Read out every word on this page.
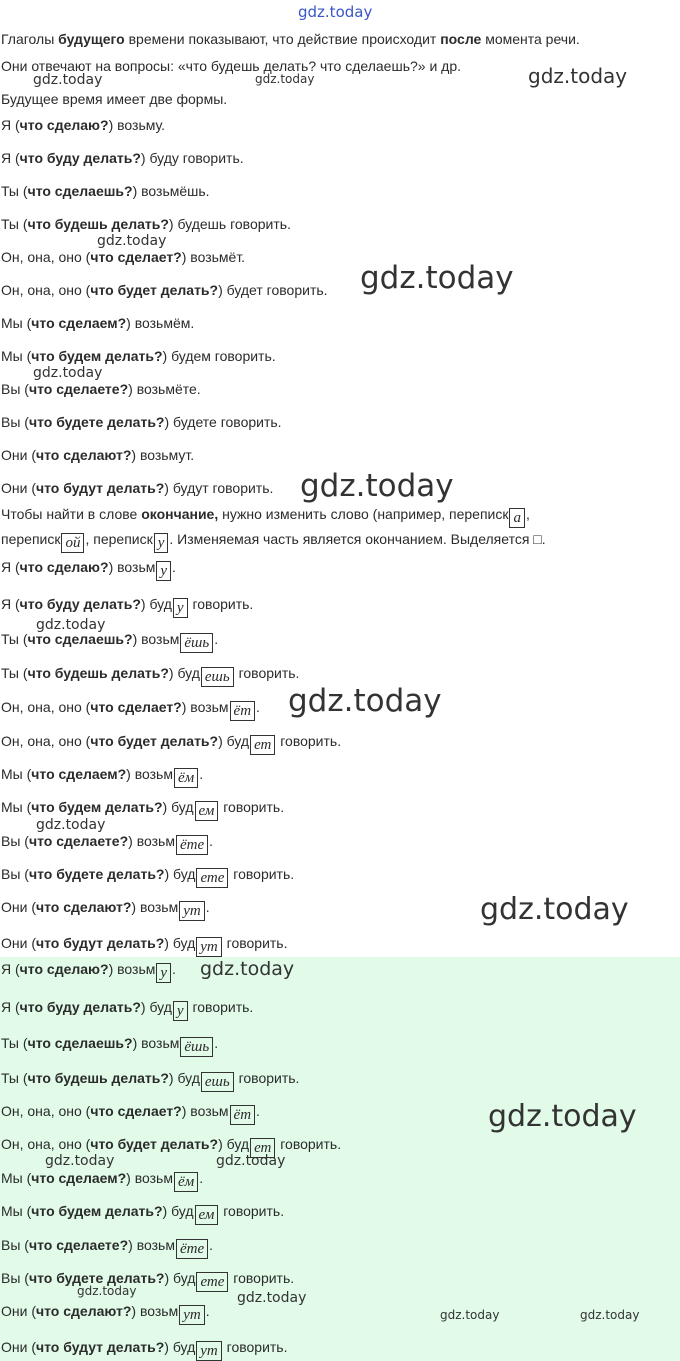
gdz.today
Глаголы будущего времени показывают, что действие происходит после момента речи.
Они отвечают на вопросы: «что будешь делать? что сделаешь?» и др.
Будущее время имеет две формы.
Я (что сделаю?) возьму.
Я (что буду делать?) буду говорить.
Ты (что сделаешь?) возьмёшь.
Ты (что будешь делать?) будешь говорить.
Он, она, оно (что сделает?) возьмёт.
Он, она, оно (что будет делать?) будет говорить.
Мы (что сделаем?) возьмём.
Мы (что будем делать?) будем говорить.
Вы (что сделаете?) возьмёте.
Вы (что будете делать?) будете говорить.
Они (что сделают?) возьмут.
Они (что будут делать?) будут говорить.
Чтобы найти в слове окончание, нужно изменить слово (например, переписк а ,
переписк ой , переписк у . Изменяемая часть является окончанием. Выделяется □.
Я (что сделаю?) возьм у .
Я (что буду делать?) буд у говорить.
Ты (что сделаешь?) возьм ёшь .
Ты (что будешь делать?) буд ешь говорить.
Он, она, оно (что сделает?) возьм ёт .
Он, она, оно (что будет делать?) буд ет говорить.
Мы (что сделаем?) возьм ём .
Мы (что будем делать?) буд ем говорить.
Вы (что сделаете?) возьм ёте .
Вы (что будете делать?) буд ете говорить.
Они (что сделают?) возьм ут .
Они (что будут делать?) буд ут говорить.
Я (что сделаю?) возьм у .
Я (что буду делать?) буд у говорить.
Ты (что сделаешь?) возьм ёшь .
Ты (что будешь делать?) буд ешь говорить.
Он, она, оно (что сделает?) возьм ёт .
Он, она, оно (что будет делать?) буд ет говорить.
Мы (что сделаем?) возьм ём .
Мы (что будем делать?) буд ем говорить.
Вы (что сделаете?) возьм ёте .
Вы (что будете делать?) буд ете говорить.
Они (что сделают?) возьм ут .
Они (что будут делать?) буд ут говорить.
gdz.today	gdz.today	gdz.today
gdz.today
gdz.today
gdz.today
gdz.today
gdz.today
gdz.today
gdz.today
gdz.today
gdz.today
gdz.today
gdz.today	gdz.today
gdz.today	gdz.today
gdz.today	gdz.today
